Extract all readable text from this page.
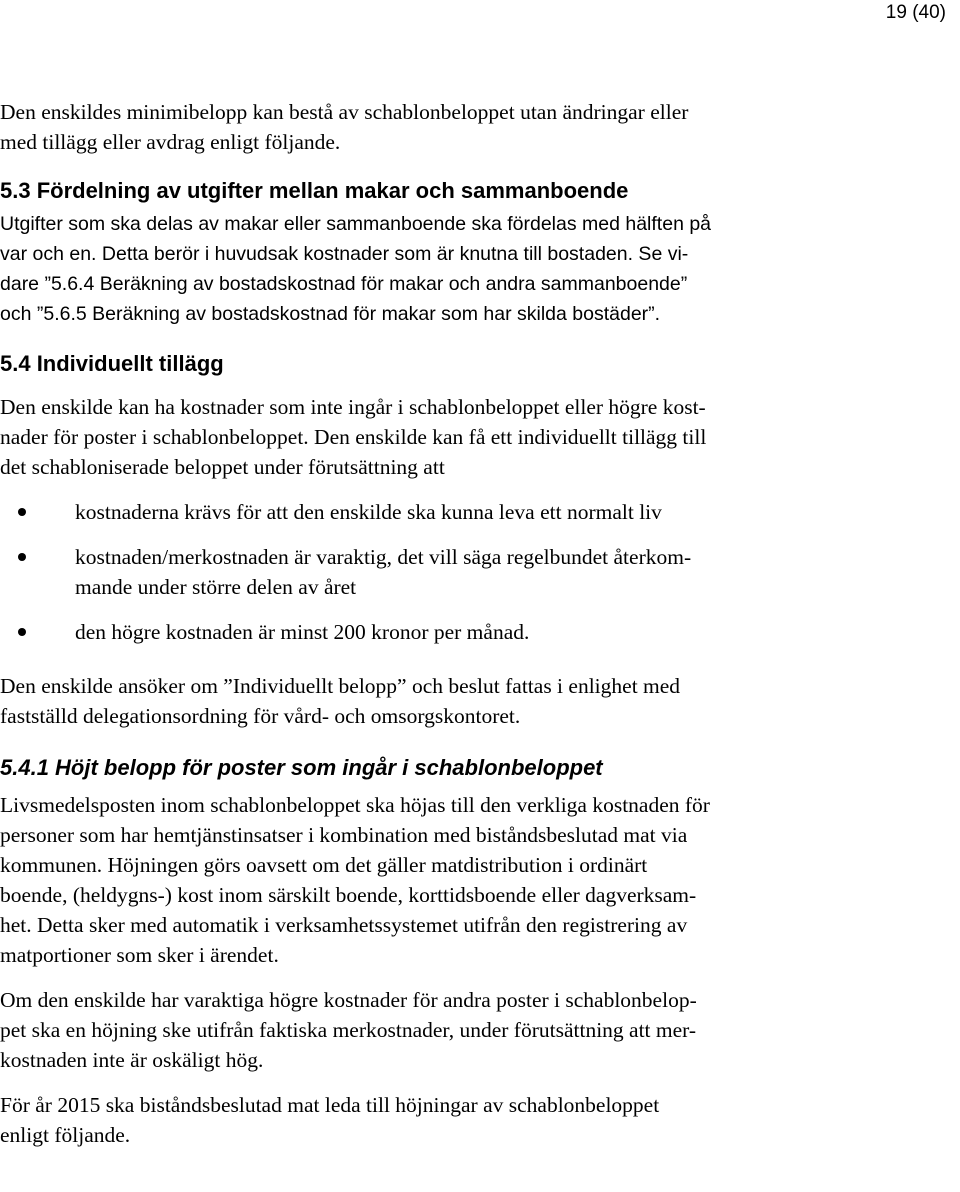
19 (40)

Den enskildes minimibelopp kan bestå av schablonbeloppet utan ändringar eller
med tillägg eller avdrag enligt följande.

5.3 Fördelning av utgifter mellan makar och sammanboende

Utgifter som ska delas av makar eller sammanboende ska fördelas med hälften på
var och en. Detta berör i huvudsak kostnader som är knutna till bostaden. Se vi-
dare ”5.6.4 Beräkning av bostadskostnad för makar och andra sammanboende”
och ”5.6.5 Beräkning av bostadskostnad för makar som har skilda bostäder”.

5.4 Individuellt tillägg

Den enskilde kan ha kostnader som inte ingår i schablonbeloppet eller högre kost-
nader för poster i schablonbeloppet. Den enskilde kan få ett individuellt tillägg till
det schabloniserade beloppet under förutsättning att

kostnaderna krävs för att den enskilde ska kunna leva ett normalt liv
kostnaden/merkostnaden är varaktig, det vill säga regelbundet återkom-
mande under större delen av året
den högre kostnaden är minst 200 kronor per månad.

Den enskilde ansöker om ”Individuellt belopp” och beslut fattas i enlighet med
fastställd delegationsordning för vård- och omsorgskontoret.

5.4.1 Höjt belopp för poster som ingår i schablonbeloppet

Livsmedelsposten inom schablonbeloppet ska höjas till den verkliga kostnaden för
personer som har hemtjänstinsatser i kombination med biståndsbeslutad mat via
kommunen. Höjningen görs oavsett om det gäller matdistribution i ordinärt
boende, (heldygns-) kost inom särskilt boende, korttidsboende eller dagverksam-
het. Detta sker med automatik i verksamhetssystemet utifrån den registrering av
matportioner som sker i ärendet.

Om den enskilde har varaktiga högre kostnader för andra poster i schablonbelop-
pet ska en höjning ske utifrån faktiska merkostnader, under förutsättning att mer-
kostnaden inte är oskäligt hög.

För år 2015 ska biståndsbeslutad mat leda till höjningar av schablonbeloppet
enligt följande.
